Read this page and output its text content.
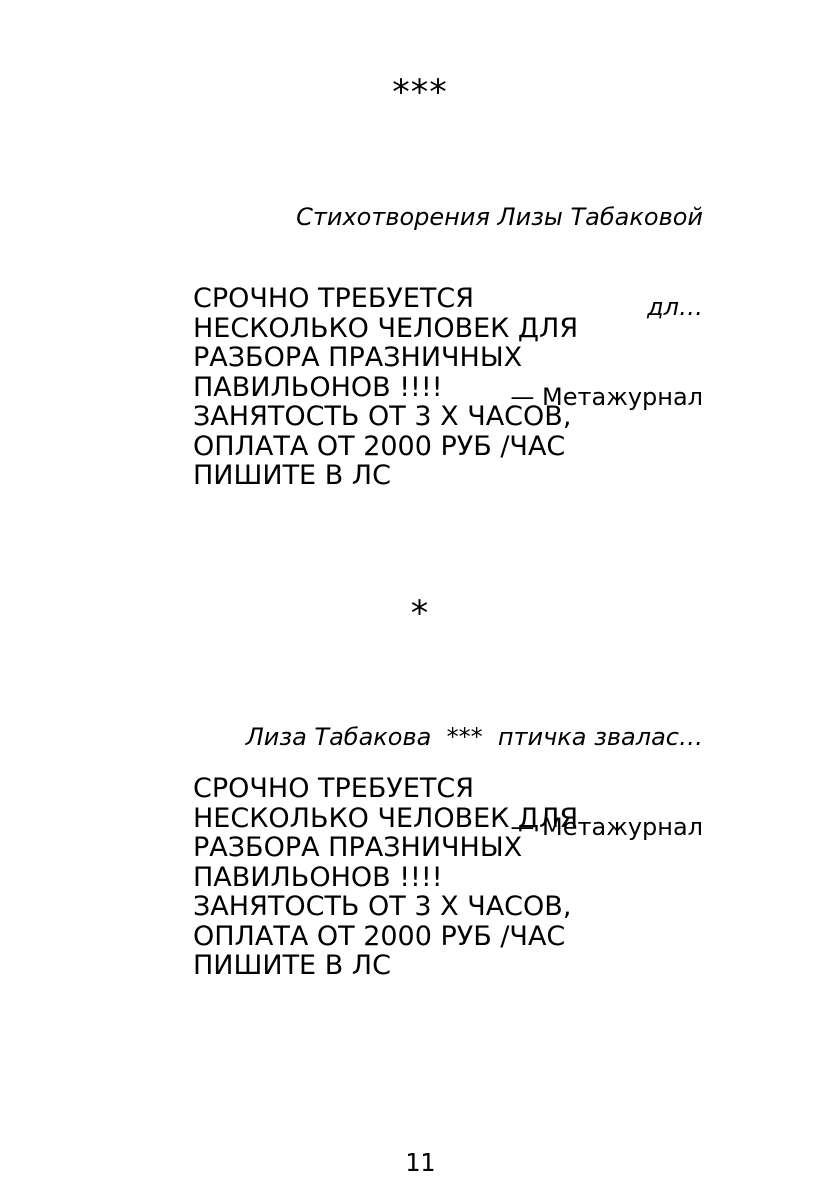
***

Стихотворения Лизы Табаковой

дл…

— Метажурнал

СРОЧНО ТРЕБУЕТСЯ
НЕСКОЛЬКО ЧЕЛОВЕК ДЛЯ
РАЗБОРА ПРАЗНИЧНЫХ
ПАВИЛЬОНОВ !!!!
ЗАНЯТОСТЬ ОТ 3 Х ЧАСОВ,
ОПЛАТА ОТ 2000 РУБ /ЧАС
ПИШИТЕ В ЛС
*

Лиза Табакова  ***  птичка звалас…

— Метажурнал

СРОЧНО ТРЕБУЕТСЯ
НЕСКОЛЬКО ЧЕЛОВЕК ДЛЯ
РАЗБОРА ПРАЗНИЧНЫХ
ПАВИЛЬОНОВ !!!!
ЗАНЯТОСТЬ ОТ 3 Х ЧАСОВ,
ОПЛАТА ОТ 2000 РУБ /ЧАС
ПИШИТЕ В ЛС
11
